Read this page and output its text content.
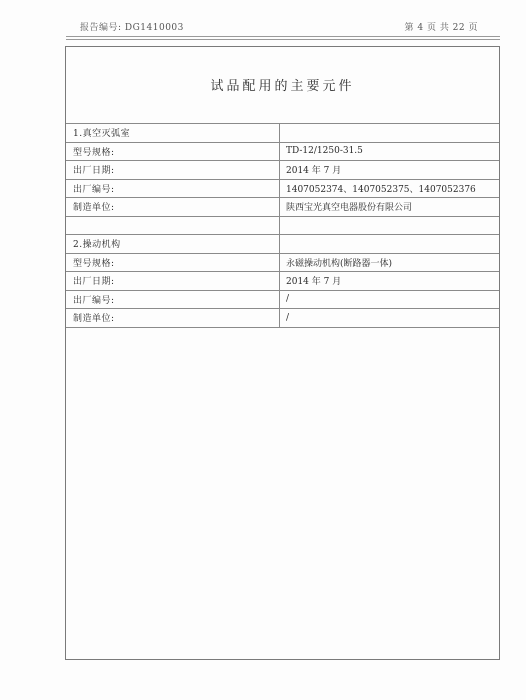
报告编号: DG1410003	第 4 页 共 22 页
试品配用的主要元件
1.真空灭弧室	
型号规格:	TD-12/1250-31.5
出厂日期:	2014 年 7 月
出厂编号:	1407052374、1407052375、1407052376
制造单位:	陕西宝光真空电器股份有限公司

2.操动机构	
型号规格:	永磁操动机构(断路器一体)
出厂日期:	2014 年 7 月
出厂编号:	/
制造单位:	/
